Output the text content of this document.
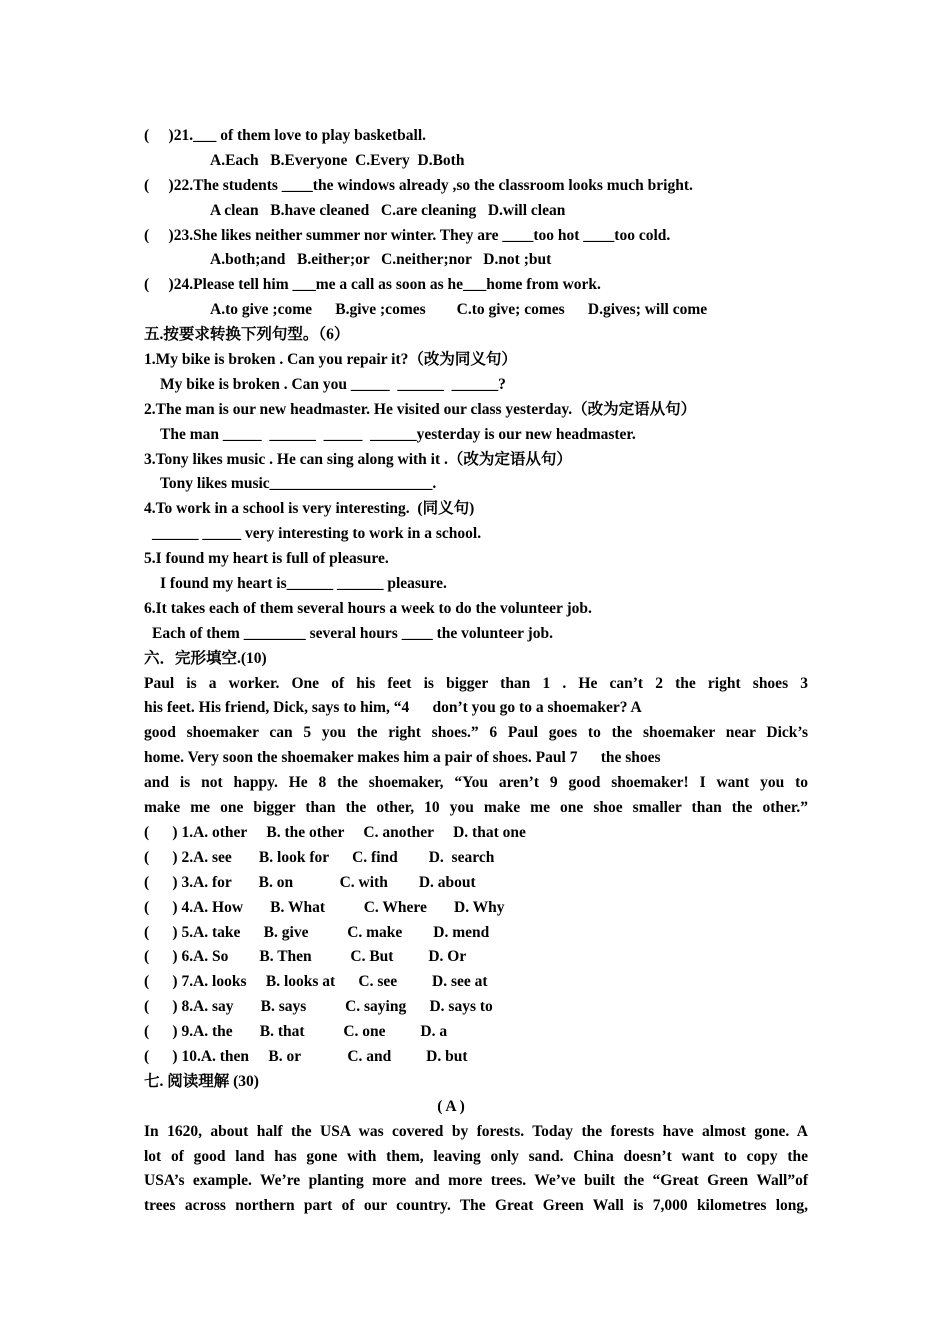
(     )21.___ of them love to play basketball.
A.Each   B.Everyone  C.Every  D.Both
(     )22.The students ____the windows already ,so the classroom looks much bright.
A clean   B.have cleaned   C.are cleaning   D.will clean
(     )23.She likes neither summer nor winter. They are ____too hot ____too cold.
A.both;and   B.either;or   C.neither;nor   D.not ;but
(     )24.Please tell him ___me a call as soon as he___home from work.
A.to give ;come      B.give ;comes        C.to give; comes      D.gives; will come
五.按要求转换下列句型。（6）
1.My bike is broken . Can you repair it?（改为同义句）
My bike is broken . Can you _____  ______  ______?
2.The man is our new headmaster. He visited our class yesterday.（改为定语从句）
The man _____  ______  _____  ______yesterday is our new headmaster.
3.Tony likes music . He can sing along with it .（改为定语从句）
Tony likes music_____________________.
4.To work in a school is very interesting.  (同义句)
______ _____ very interesting to work in a school.
5.I found my heart is full of pleasure.
I found my heart is______ ______ pleasure.
6.It takes each of them several hours a week to do the volunteer job.
Each of them ________ several hours ____ the volunteer job.
六．完形填空.(10)
Paul is a worker. One of his feet is bigger than 1 . He can’t 2 the right shoes 3
his feet. His friend, Dick, says to him, “4      don’t you go to a shoemaker? A
good shoemaker can 5 you the right shoes.” 6 Paul goes to the shoemaker near Dick’s
home. Very soon the shoemaker makes him a pair of shoes. Paul 7      the shoes
and is not happy. He 8 the shoemaker, “You aren’t 9 good shoemaker! I want you to
make me one bigger than the other, 10 you make me one shoe smaller than the other.”
(      ) 1.A. other     B. the other     C. another     D. that one
(      ) 2.A. see       B. look for      C. find        D.  search
(      ) 3.A. for       B. on            C. with        D. about
(      ) 4.A. How       B. What          C. Where       D. Why
(      ) 5.A. take      B. give          C. make        D. mend
(      ) 6.A. So        B. Then          C. But         D. Or
(      ) 7.A. looks     B. looks at      C. see         D. see at
(      ) 8.A. say       B. says          C. saying      D. says to
(      ) 9.A. the       B. that          C. one         D. a
(      ) 10.A. then     B. or            C. and         D. but
七. 阅读理解 (30)
( A )
In 1620, about half the USA was covered by forests. Today the forests have almost gone. A
lot of good land has gone with them, leaving only sand. China doesn’t want to copy the
USA’s example. We’re planting more and more trees. We’ve built the “Great Green Wall”of
trees across northern part of our country. The Great Green Wall is 7,000 kilometres long,
